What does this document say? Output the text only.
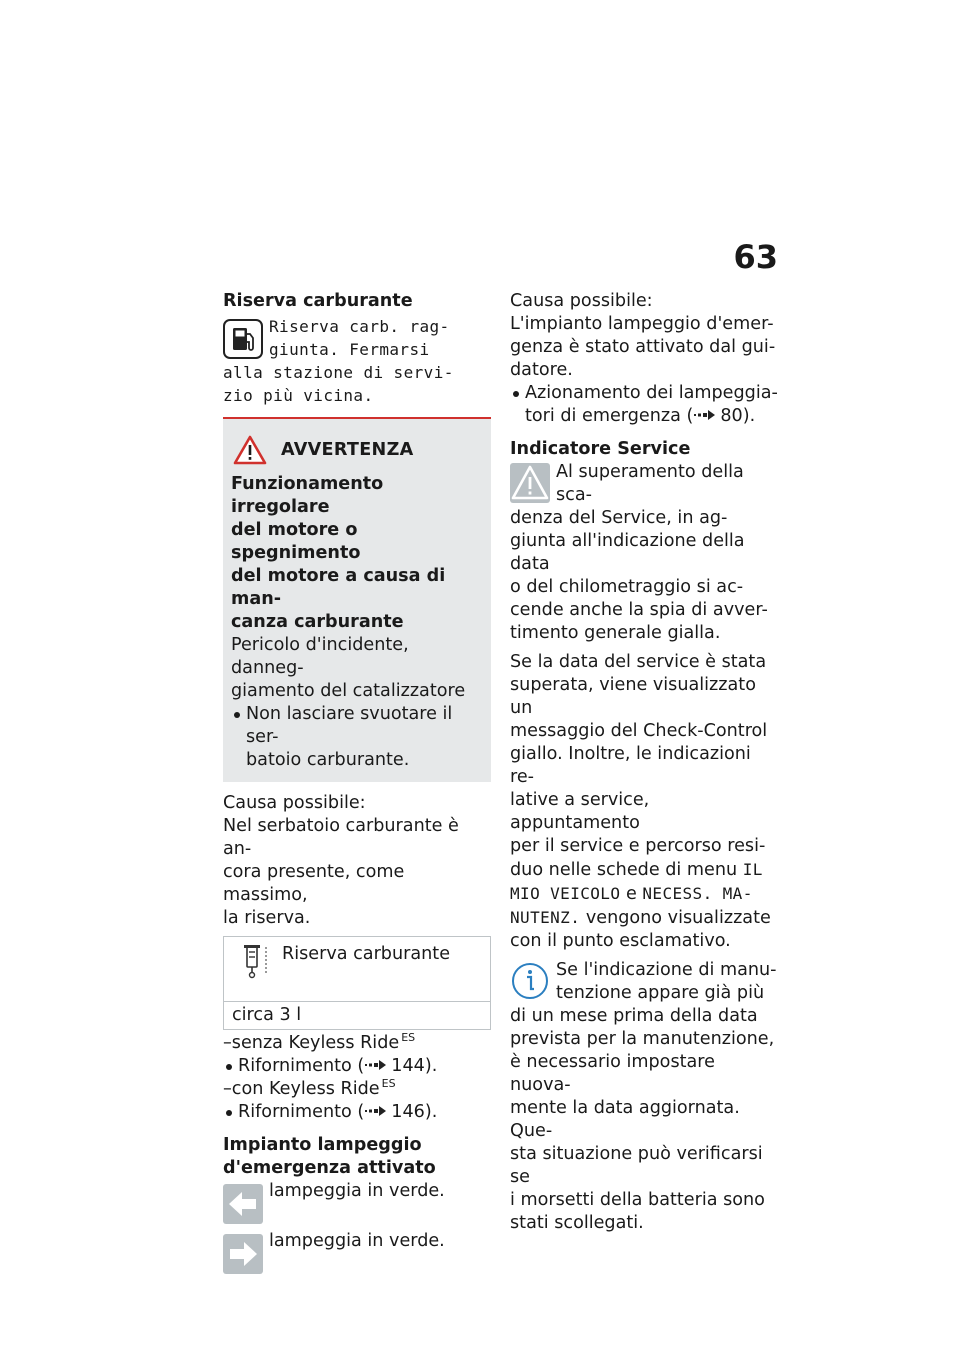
63

Riserva carburante

Riserva carb. rag-
giunta. Fermarsi
alla stazione di servi-
zio più vicina.
AVVERTENZA
Funzionamento irregolare
del motore o spegnimento
del motore a causa di man-
canza carburante
Pericolo d'incidente, danneg-
giamento del catalizzatore
Non lasciare svuotare il ser-
batoio carburante.
Causa possibile:
Nel serbatoio carburante è an-
cora presente, come massimo,
la riserva.
Riserva carburante
circa 3 l
–senza Keyless Ride $^{ES}$
Rifornimento ( 144).
–con Keyless Ride $^{ES}$
Rifornimento ( 146).
Impianto lampeggio
d'emergenza attivato
lampeggia in verde.
lampeggia in verde.
Causa possibile:
L'impianto lampeggio d'emer-
genza è stato attivato dal gui-
datore.
Azionamento dei lampeggia-
tori di emergenza ( 80).

Indicatore Service

Al superamento della sca-
denza del Service, in ag-
giunta all'indicazione della data
o del chilometraggio si ac-
cende anche la spia di avver-
timento generale gialla.
Se la data del service è stata
superata, viene visualizzato un
messaggio del Check-Control
giallo. Inoltre, le indicazioni re-
lative a service, appuntamento
per il service e percorso resi-
duo nelle schede di menu IL
MIO VEICOLO e NECESS. MA-
NUTENZ. vengono visualizzate
con il punto esclamativo.
Se l'indicazione di manu-
tenzione appare già più
di un mese prima della data
prevista per la manutenzione,
è necessario impostare nuova-
mente la data aggiornata. Que-
sta situazione può verificarsi se
i morsetti della batteria sono
stati scollegati.
